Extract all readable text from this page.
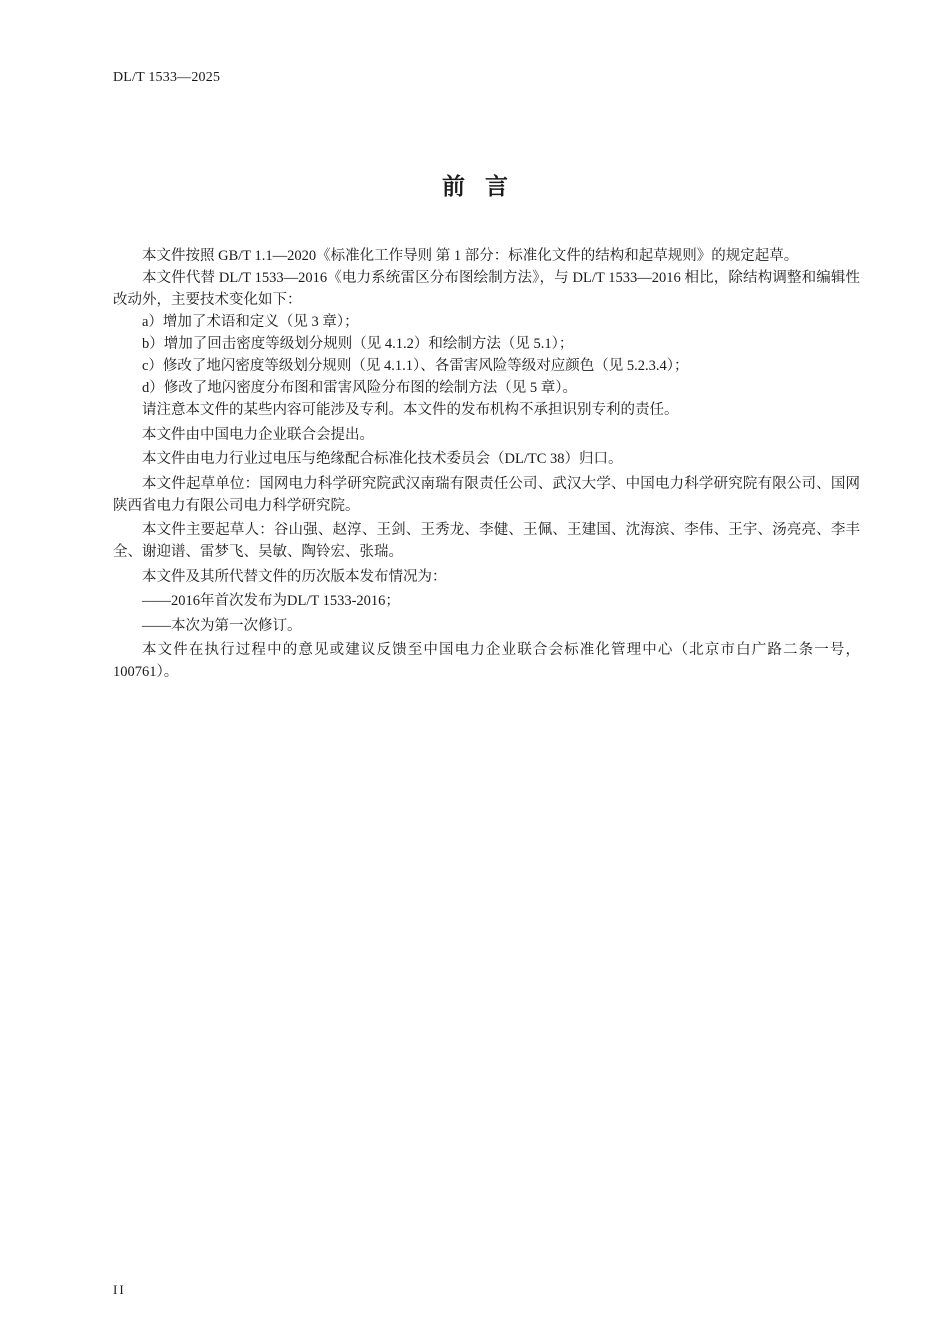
DL/T 1533—2025
前言

本文件按照 GB/T 1.1—2020《标准化工作导则 第 1 部分：标准化文件的结构和起草规则》的规定起草。

本文件代替 DL/T 1533—2016《电力系统雷区分布图绘制方法》，与 DL/T 1533—2016 相比，除结构调整和编辑性改动外，主要技术变化如下：

a）增加了术语和定义（见 3 章）；

b）增加了回击密度等级划分规则（见 4.1.2）和绘制方法（见 5.1）；

c）修改了地闪密度等级划分规则（见 4.1.1）、各雷害风险等级对应颜色（见 5.2.3.4）；

d）修改了地闪密度分布图和雷害风险分布图的绘制方法（见 5 章）。

请注意本文件的某些内容可能涉及专利。本文件的发布机构不承担识别专利的责任。

本文件由中国电力企业联合会提出。

本文件由电力行业过电压与绝缘配合标准化技术委员会（DL/TC 38）归口。

本文件起草单位：国网电力科学研究院武汉南瑞有限责任公司、武汉大学、中国电力科学研究院有限公司、国网陕西省电力有限公司电力科学研究院。

本文件主要起草人：谷山强、赵淳、王剑、王秀龙、李健、王佩、王建国、沈海滨、李伟、王宇、汤亮亮、李丰全、谢迎谱、雷梦飞、吴敏、陶铃宏、张瑞。

本文件及其所代替文件的历次版本发布情况为：

——2016年首次发布为DL/T 1533-2016；

——本次为第一次修订。

本文件在执行过程中的意见或建议反馈至中国电力企业联合会标准化管理中心（北京市白广路二条一号，100761）。

II
